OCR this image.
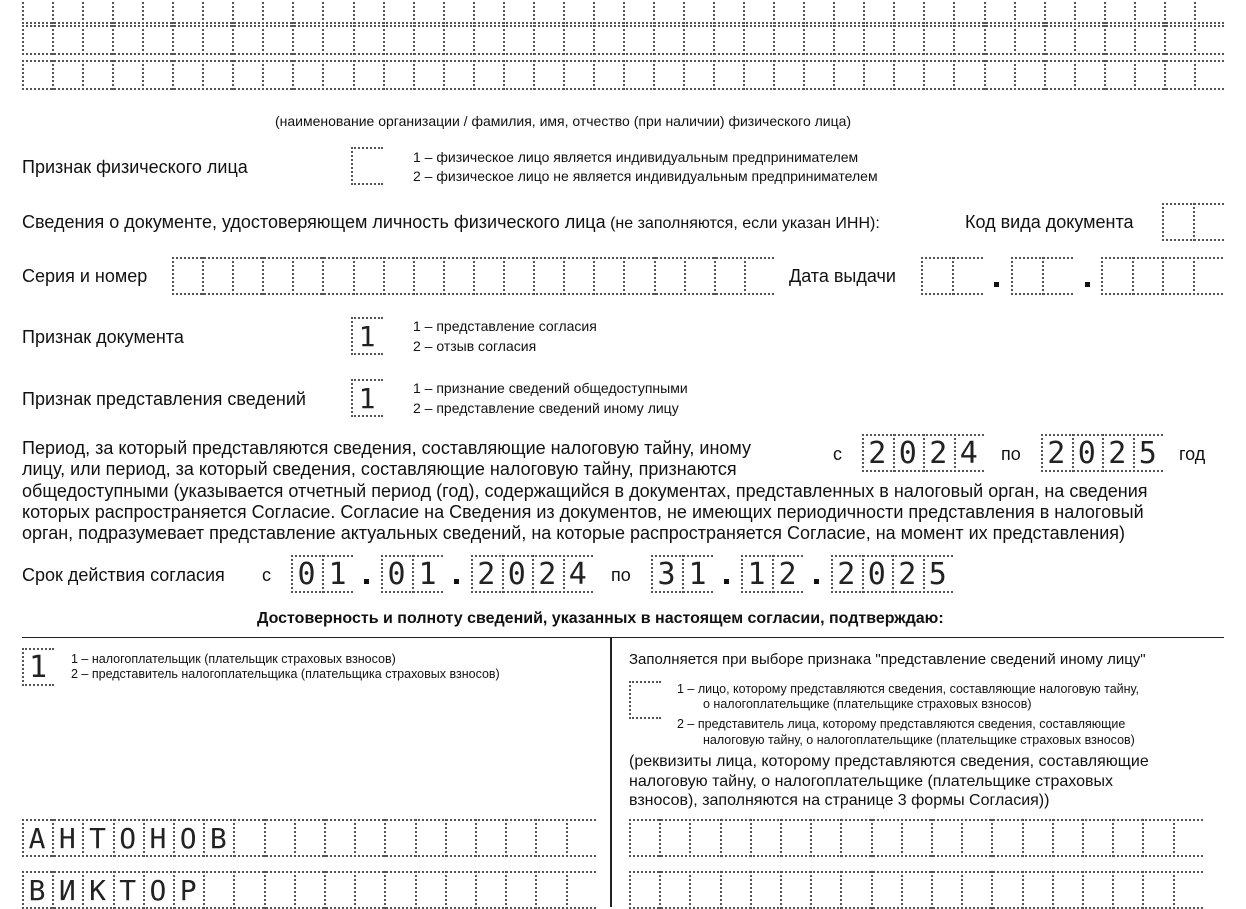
(наименование организации / фамилия, имя, отчество (при наличии) физического лица)
Признак физического лица	1 – физическое лицо является индивидуальным предпринимателем
2 – физическое лицо не является индивидуальным предпринимателем
Сведения о документе, удостоверяющем личность физического лица (не заполняются, если указан ИНН):	Код вида документа
Серия и номер	Дата выдачи
Признак документа	1	1 – представление согласия
2 – отзыв согласия
Признак представления сведений 1	1 – признание сведений общедоступными
2 – представление сведений иному лицу
Период, за который представляются сведения, составляющие налоговую тайну, иному
лицу, или период, за который сведения, составляющие налоговую тайну, признаются
общедоступными (указывается отчетный период (год), содержащийся в документах, представленных в налоговый орган, на сведения
которых распространяется Согласие. Согласие на Сведения из документов, не имеющих периодичности представления в налоговый
орган, подразумевает представление актуальных сведений, на которые распространяется Согласие, на момент их представления)
с 2 0 2 4	по 2 0 2 5	год
Срок действия согласия с 0 1 0 1 2 0 2 4	по 3 1 1 2 2 0 2 5
Достоверность и полноту сведений, указанных в настоящем согласии, подтверждаю:
1	1 – налогоплательщик (плательщик страховых взносов)
2 – представитель налогоплательщика (плательщика страховых взносов)
А Н Т О Н О В
В И К Т О Р
Заполняется при выборе признака "представление сведений иному лицу"
1 – лицо, которому представляются сведения, составляющие налоговую тайну,
о налогоплательщике (плательщике страховых взносов)
2 – представитель лица, которому представляются сведения, составляющие
налоговую тайну, о налогоплательщике (плательщике страховых взносов)
(реквизиты лица, которому представляются сведения, составляющие
налоговую тайну, о налогоплательщике (плательщике страховых
взносов), заполняются на странице 3 формы Согласия))
